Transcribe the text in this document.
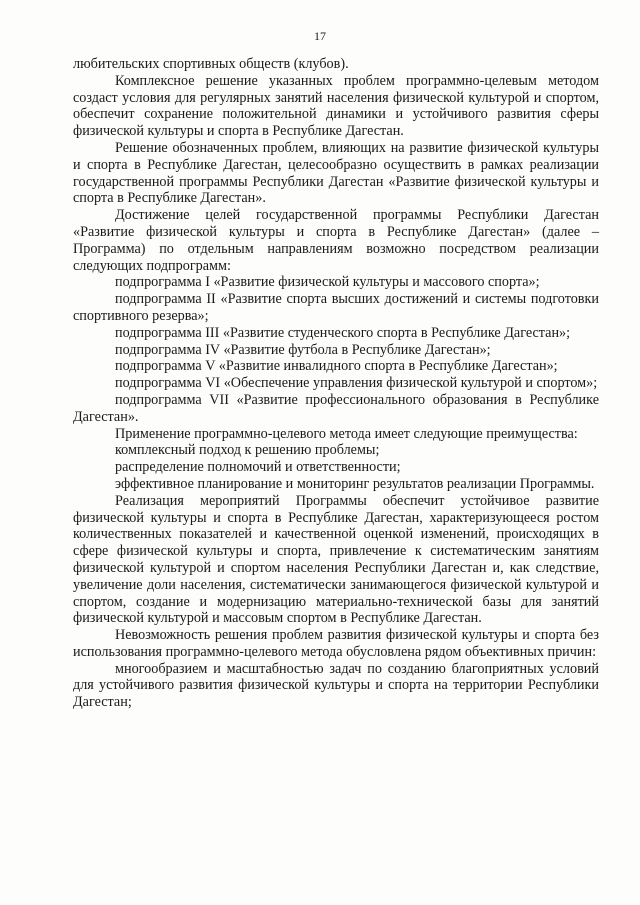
17

любительских спортивных обществ (клубов).

Комплексное решение указанных проблем программно-целевым методом создаст условия для регулярных занятий населения физической культурой и спортом, обеспечит сохранение положительной динамики и устойчивого развития сферы физической культуры и спорта в Республике Дагестан.

Решение обозначенных проблем, влияющих на развитие физической культуры и спорта в Республике Дагестан, целесообразно осуществить в рамках реализации государственной программы Республики Дагестан «Развитие физической культуры и спорта в Республике Дагестан».

Достижение целей государственной программы Республики Дагестан «Развитие физической культуры и спорта в Республике Дагестан» (далее – Программа) по отдельным направлениям возможно посредством реализации следующих подпрограмм:

подпрограмма I «Развитие физической культуры и массового спорта»;

подпрограмма II «Развитие спорта высших достижений и системы подготовки спортивного резерва»;

подпрограмма III «Развитие студенческого спорта в Республике Дагестан»;

подпрограмма IV «Развитие футбола в Республике Дагестан»;

подпрограмма V «Развитие инвалидного спорта в Республике Дагестан»;

подпрограмма VI «Обеспечение управления физической культурой и спортом»;

подпрограмма VII «Развитие профессионального образования в Республике Дагестан».

Применение программно-целевого метода имеет следующие преимущества:

комплексный подход к решению проблемы;

распределение полномочий и ответственности;

эффективное планирование и мониторинг результатов реализации Программы.

Реализация мероприятий Программы обеспечит устойчивое развитие физической культуры и спорта в Республике Дагестан, характеризующееся ростом количественных показателей и качественной оценкой изменений, происходящих в сфере физической культуры и спорта, привлечение к систематическим занятиям физической культурой и спортом населения Республики Дагестан и, как следствие, увеличение доли населения, систематически занимающегося физической культурой и спортом, создание и модернизацию материально-технической базы для занятий физической культурой и массовым спортом в Республике Дагестан.

Невозможность решения проблем развития физической культуры и спорта без использования программно-целевого метода обусловлена рядом объективных причин:

многообразием и масштабностью задач по созданию благоприятных условий для устойчивого развития физической культуры и спорта на территории Республики Дагестан;
